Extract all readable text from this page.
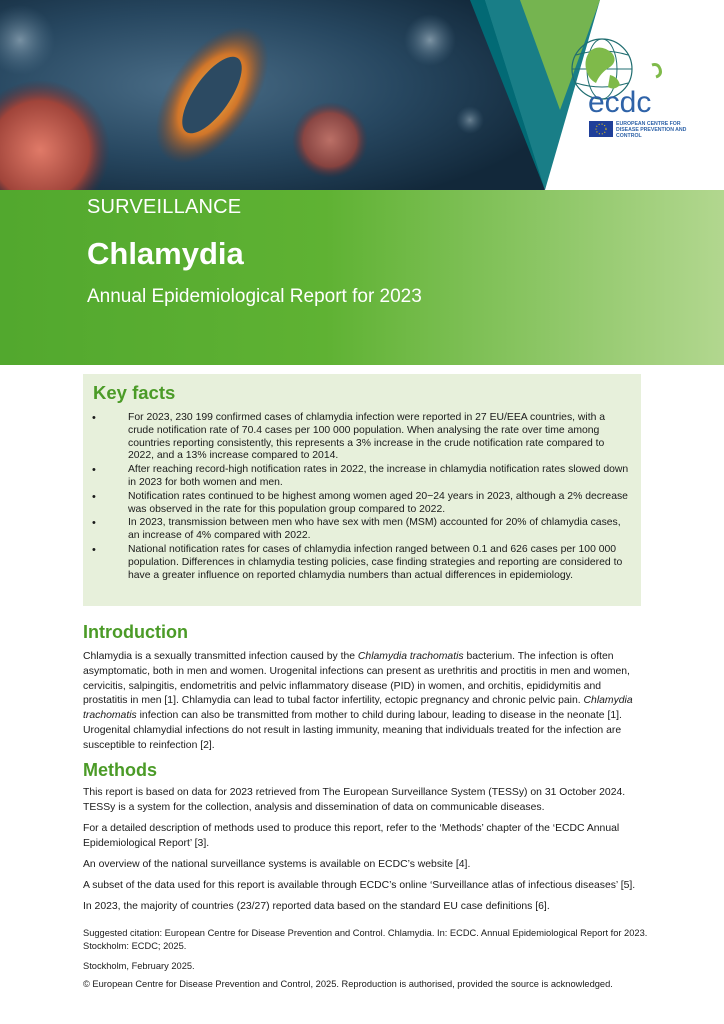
SURVEILLANCE

Chlamydia
Annual Epidemiological Report for 2023
ecdc

EUROPEAN CENTRE FOR DISEASE PREVENTION AND CONTROL

Key facts
• For 2023, 230 199 confirmed cases of chlamydia infection were reported in 27 EU/EEA countries, with a crude notification rate of 70.4 cases per 100 000 population. When analysing the rate over time among countries reporting consistently, this represents a 3% increase in the crude notification rate compared to 2022, and a 13% increase compared to 2014.
• After reaching record-high notification rates in 2022, the increase in chlamydia notification rates slowed down in 2023 for both women and men.
• Notification rates continued to be highest among women aged 20−24 years in 2023, although a 2% decrease was observed in the rate for this population group compared to 2022.
• In 2023, transmission between men who have sex with men (MSM) accounted for 20% of chlamydia cases, an increase of 4% compared with 2022.
• National notification rates for cases of chlamydia infection ranged between 0.1 and 626 cases per 100 000 population. Differences in chlamydia testing policies, case finding strategies and reporting are considered to have a greater influence on reported chlamydia numbers than actual differences in epidemiology.
Introduction

Chlamydia is a sexually transmitted infection caused by the Chlamydia trachomatis bacterium. The infection is often asymptomatic, both in men and women. Urogenital infections can present as urethritis and proctitis in men and women, cervicitis, salpingitis, endometritis and pelvic inflammatory disease (PID) in women, and orchitis, epididymitis and prostatitis in men [1]. Chlamydia can lead to tubal factor infertility, ectopic pregnancy and chronic pelvic pain. Chlamydia trachomatis infection can also be transmitted from mother to child during labour, leading to disease in the neonate [1]. Urogenital chlamydial infections do not result in lasting immunity, meaning that individuals treated for the infection are susceptible to reinfection [2].

Methods

This report is based on data for 2023 retrieved from The European Surveillance System (TESSy) on 31 October 2024. TESSy is a system for the collection, analysis and dissemination of data on communicable diseases.

For a detailed description of methods used to produce this report, refer to the ‘Methods’ chapter of the ‘ECDC Annual Epidemiological Report’ [3].

An overview of the national surveillance systems is available on ECDC’s website [4].

A subset of the data used for this report is available through ECDC’s online ‘Surveillance atlas of infectious diseases’ [5].

In 2023, the majority of countries (23/27) reported data based on the standard EU case definitions [6].

Suggested citation: European Centre for Disease Prevention and Control. Chlamydia. In: ECDC. Annual Epidemiological Report for 2023. Stockholm: ECDC; 2025.

Stockholm, February 2025.

© European Centre for Disease Prevention and Control, 2025. Reproduction is authorised, provided the source is acknowledged.
